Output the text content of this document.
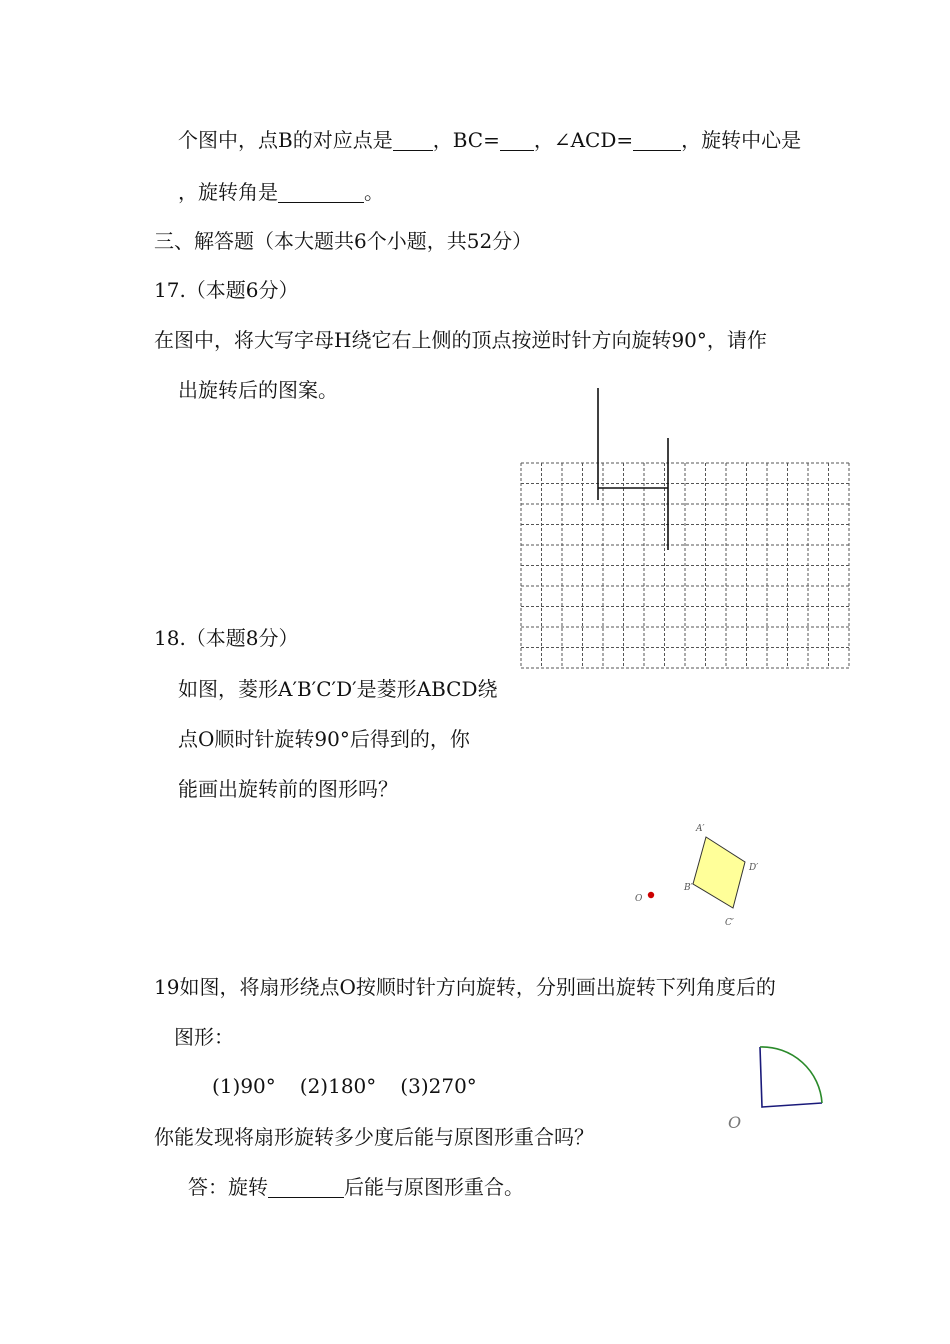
个图中，点B的对应点是 ，BC= ，∠ACD= ，旋转中心是
，旋转角是	。
三、解答题（本大题共6个小题，共52分）
17.（本题6分）
在图中，将大写字母H绕它右上侧的顶点按逆时针方向旋转90°，请作
出旋转后的图案。
18.（本题8分）
如图，菱形A′B′C′D′是菱形ABCD绕
点O顺时针旋转90°后得到的，你
能画出旋转前的图形吗？
A′
D′
B′
C′
O
19如图，将扇形绕点O按顺时针方向旋转，分别画出旋转下列角度后的
图形：
(1)90° (2)180° (3)270°
你能发现将扇形旋转多少度后能与原图形重合吗？
答：旋转	后能与原图形重合。
O
